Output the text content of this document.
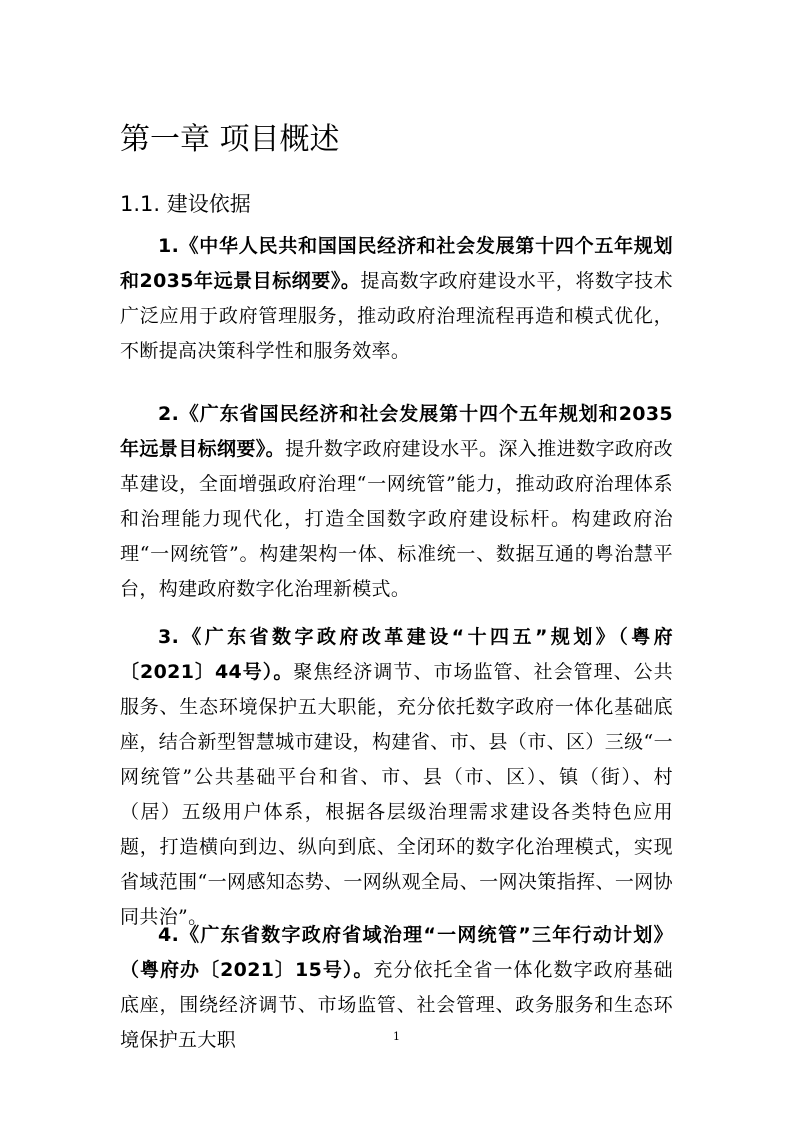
第一章 项目概述
1.1. 建设依据

1.《中华人民共和国国民经济和社会发展第十四个五年规划和2035年远景目标纲要》。提高数字政府建设水平，将数字技术广泛应用于政府管理服务，推动政府治理流程再造和模式优化，不断提高决策科学性和服务效率。

2.《广东省国民经济和社会发展第十四个五年规划和2035年远景目标纲要》。提升数字政府建设水平。深入推进数字政府改革建设，全面增强政府治理“一网统管”能力，推动政府治理体系和治理能力现代化，打造全国数字政府建设标杆。构建政府治理“一网统管”。构建架构一体、标准统一、数据互通的粤治慧平台，构建政府数字化治理新模式。

3.《广东省数字政府改革建设“十四五”规划》（粤府〔2021〕44号）。聚焦经济调节、市场监管、社会管理、公共服务、生态环境保护五大职能，充分依托数字政府一体化基础底座，结合新型智慧城市建设，构建省、市、县（市、区）三级“一网统管”公共基础平台和省、市、县（市、区）、镇（街）、村（居）五级用户体系，根据各层级治理需求建设各类特色应用题，打造横向到边、纵向到底、全闭环的数字化治理模式，实现省域范围“一网感知态势、一网纵观全局、一网决策指挥、一网协同共治”。

4.《广东省数字政府省域治理“一网统管”三年行动计划》（粤府办〔2021〕15号）。充分依托全省一体化数字政府基础底座，围绕经济调节、市场监管、社会管理、政务服务和生态环境保护五大职	1
